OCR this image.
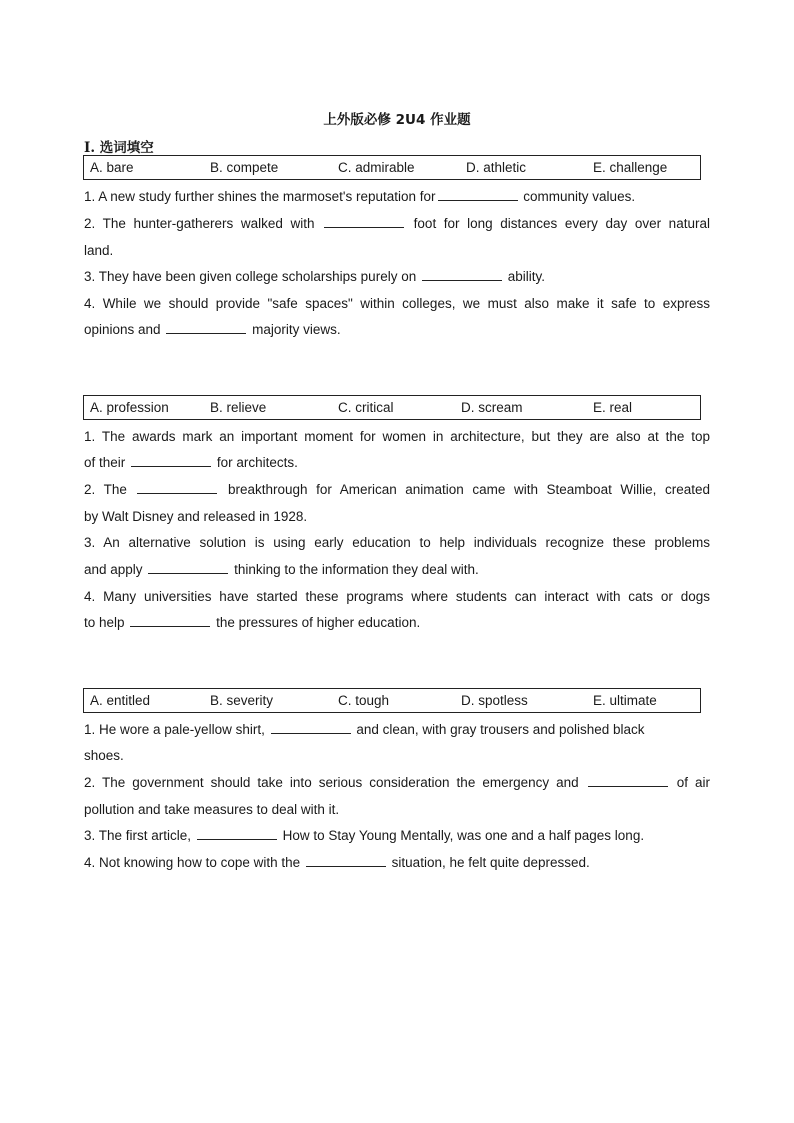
上外版必修 2U4 作业题
I. 选词填空
A. bare	B. compete	C. admirable	D. athletic	E. challenge
1. A new study further shines the marmoset's reputation for	community values.
2. The hunter-gatherers walked with	foot for long distances every day over natural
land.
3. They have been given college scholarships purely on	ability.
4. While we should provide "safe spaces" within colleges, we must also make it safe to express
opinions and	majority views.
A. profession	B. relieve	C. critical	D. scream	E. real
1. The awards mark an important moment for women in architecture, but they are also at the top
of their	for architects.
2. The	breakthrough for American animation came with Steamboat Willie, created
by Walt Disney and released in 1928.
3. An alternative solution is using early education to help individuals recognize these problems
and apply	thinking to the information they deal with.
4. Many universities have started these programs where students can interact with cats or dogs
to help	the pressures of higher education.
A. entitled	B. severity	C. tough	D. spotless	E. ultimate
1. He wore a pale-yellow shirt,	and clean, with gray trousers and polished black
shoes.
2. The government should take into serious consideration the emergency and	of air
pollution and take measures to deal with it.
3. The first article,	How to Stay Young Mentally, was one and a half pages long.
4. Not knowing how to cope with the	situation, he felt quite depressed.
